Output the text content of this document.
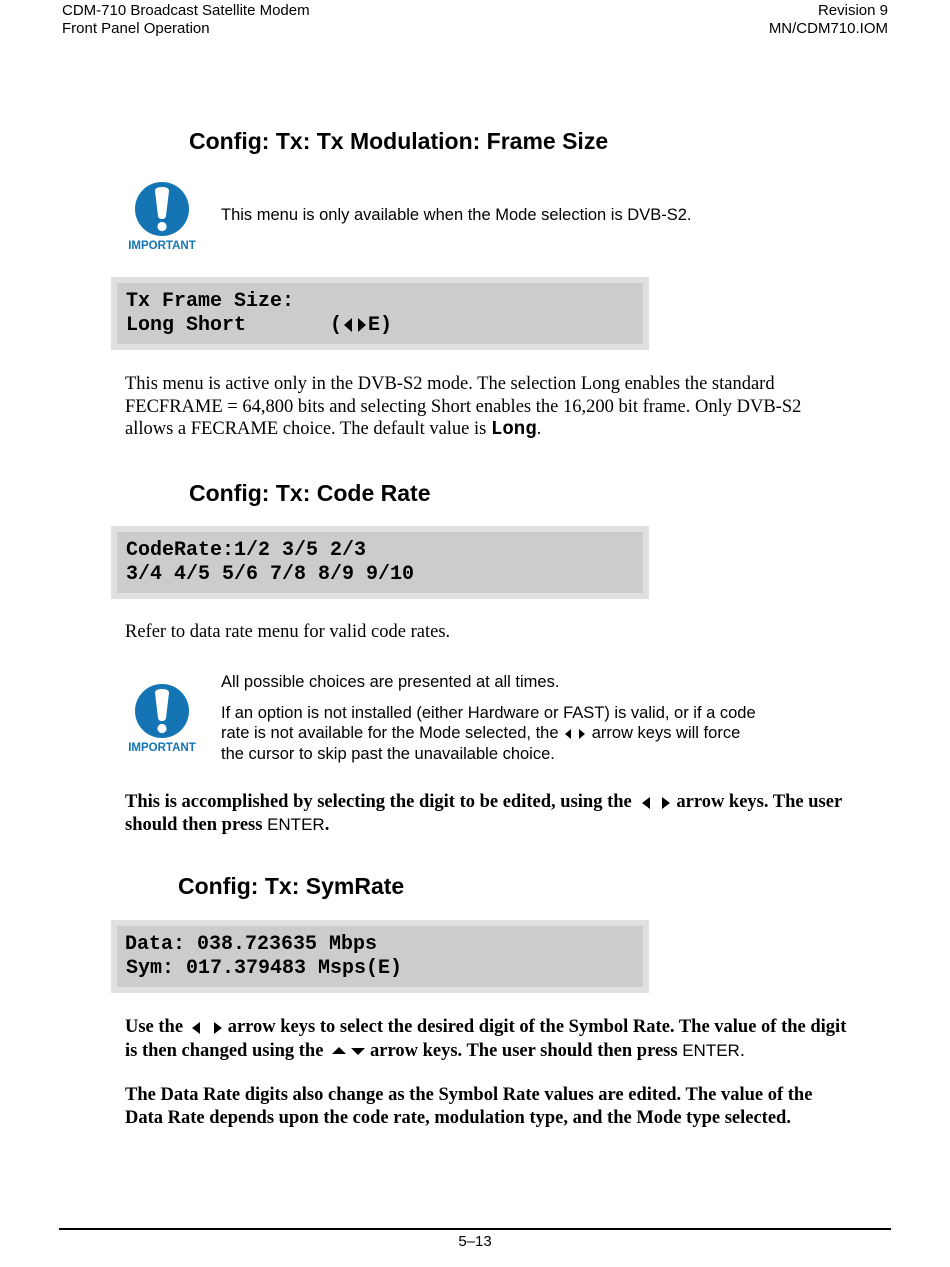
CDM-710 Broadcast Satellite Modem
Front Panel Operation
Revision 9
MN/CDM710.IOM
Config: Tx: Tx Modulation: Frame Size
IMPORTANT
This menu is only available when the Mode selection is DVB-S2.
Tx Frame Size:
Long Short       ( E)
This menu is active only in the DVB-S2 mode. The selection Long enables the standard
FECFRAME = 64,800 bits and selecting Short enables the 16,200 bit frame. Only DVB-S2
allows a FECRAME choice. The default value is Long.
Config: Tx: Code Rate
CodeRate:1/2 3/5 2/3
3/4 4/5 5/6 7/8 8/9 9/10
Refer to data rate menu for valid code rates.
IMPORTANT
All possible choices are presented at all times.
If an option is not installed (either Hardware or FAST) is valid, or if a code
rate is not available for the Mode selected, the  arrow keys will force
the cursor to skip past the unavailable choice.
This is accomplished by selecting the digit to be edited, using the arrow keys. The user
should then press ENTER.
Config: Tx: SymRate
Data: 038.723635 Mbps
Sym: 017.379483 Msps(E)
Use the arrow keys to select the desired digit of the Symbol Rate. The value of the digit
is then changed using the arrow keys. The user should then press ENTER.
The Data Rate digits also change as the Symbol Rate values are edited. The value of the
Data Rate depends upon the code rate, modulation type, and the Mode type selected.
5–13
